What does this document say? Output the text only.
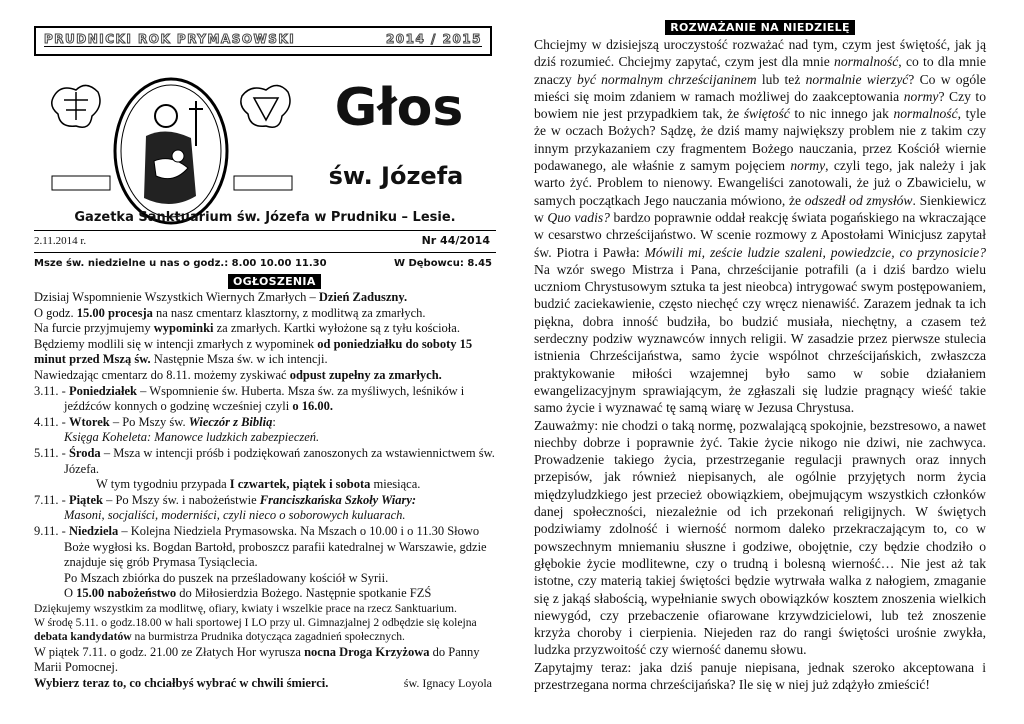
PRUDNICKI ROK PRYMASOWSKI	2014 / 2015
Głos
św. Józefa
Gazetka Sanktuarium św. Józefa w Prudniku – Lesie.
2.11.2014 r.	Nr 44/2014
Msze św. niedzielne u nas o godz.: 8.00 10.00 11.30	W Dębowcu: 8.45
OGŁOSZENIA

Dzisiaj Wspomnienie Wszystkich Wiernych Zmarłych – Dzień Zaduszny.

O godz. 15.00 procesja na nasz cmentarz klasztorny, z modlitwą za zmarłych.

Na furcie przyjmujemy wypominki za zmarłych. Kartki wyłożone są z tyłu kościoła. Będziemy modlili się w intencji zmarłych z wypominek od poniedziałku do soboty 15 minut przed Mszą św. Następnie Msza św. w ich intencji.

Nawiedzając cmentarz do 8.11. możemy zyskiwać odpust zupełny za zmarłych.

3.11. - Poniedziałek – Wspomnienie św. Huberta. Msza św. za myśliwych, leśników i jeźdźców konnych o godzinę wcześniej czyli o 16.00.

4.11. - Wtorek – Po Mszy św. Wieczór z Biblią:
Księga Koheleta: Manowce ludzkich zabezpieczeń.

5.11. - Środa – Msza w intencji próśb i podziękowań zanoszonych za wstawiennictwem św. Józefa.

W tym tygodniu przypada I czwartek, piątek i sobota miesiąca.

7.11. - Piątek – Po Mszy św. i nabożeństwie Franciszkańska Szkoły Wiary:
Masoni, socjaliści, moderniści, czyli nieco o soborowych kuluarach.

9.11. - Niedziela – Kolejna Niedziela Prymasowska. Na Mszach o 10.00 i o 11.30 Słowo Boże wygłosi ks. Bogdan Bartołd, proboszcz parafii katedralnej w Warszawie, gdzie znajduje się grób Prymasa Tysiąclecia.
Po Mszach zbiórka do puszek na prześladowany kościół w Syrii.
O 15.00 nabożeństwo do Miłosierdzia Bożego. Następnie spotkanie FZŚ

Dziękujemy wszystkim za modlitwę, ofiary, kwiaty i wszelkie prace na rzecz Sanktuarium.

W środę 5.11. o godz.18.00 w hali sportowej I LO przy ul. Gimnazjalnej 2 odbędzie się kolejna debata kandydatów na burmistrza Prudnika dotycząca zagadnień społecznych.

W piątek 7.11. o godz. 21.00 ze Złatych Hor wyrusza nocna Droga Krzyżowa do Panny Marii Pomocnej.

Wybierz teraz to, co chciałbyś wybrać w chwili śmierci.	św. Ignacy Loyola

ROZWAŻANIE NA NIEDZIELĘ

Chciejmy w dzisiejszą uroczystość rozważać nad tym, czym jest świętość, jak ją dziś rozumieć. Chciejmy zapytać, czym jest dla mnie normalność, co to dla mnie znaczy być normalnym chrześcijaninem lub też normalnie wierzyć? Co w ogóle mieści się moim zdaniem w ramach możliwej do zaakceptowania normy? Czy to bowiem nie jest przypadkiem tak, że świętość to nic innego jak normalność, tyle że w oczach Bożych? Sądzę, że dziś mamy największy problem nie z takim czy innym przykazaniem czy fragmentem Bożego nauczania, przez Kościół wiernie podawanego, ale właśnie z samym pojęciem normy, czyli tego, jak należy i jak warto żyć. Problem to nienowy. Ewangeliści zanotowali, że już o Zbawicielu, w samych początkach Jego nauczania mówiono, że odszedł od zmysłów. Sienkiewicz w Quo vadis? bardzo poprawnie oddał reakcję świata pogańskiego na wkraczające w cesarstwo chrześcijaństwo. W scenie rozmowy z Apostołami Winicjusz zapytał św. Piotra i Pawła: Mówili mi, zeście ludzie szaleni, powiedzcie, co przynosicie? Na wzór swego Mistrza i Pana, chrześcijanie potrafili (a i dziś bardzo wielu uczniom Chrystusowym sztuka ta jest nieobca) intrygować swym postępowaniem, budzić zaciekawienie, często niechęć czy wręcz nienawiść. Zarazem jednak ta ich piękna, dobra inność budziła, bo budzić musiała, niechętny, a czasem też serdeczny podziw wyznawców innych religii. W zasadzie przez pierwsze stulecia istnienia Chrześcijaństwa, samo życie wspólnot chrześcijańskich, zwłaszcza praktykowanie miłości wzajemnej było samo w sobie działaniem ewangelizacyjnym sprawiającym, że zgłaszali się ludzie pragnący wieść takie samo życie i wyznawać tę samą wiarę w Jezusa Chrystusa.

Zauważmy: nie chodzi o taką normę, pozwalającą spokojnie, bezstresowo, a nawet niechby dobrze i poprawnie żyć. Takie życie nikogo nie dziwi, nie zachwyca. Prowadzenie takiego życia, przestrzeganie regulacji prawnych oraz innych przepisów, jak również niepisanych, ale ogólnie przyjętych norm życia międzyludzkiego jest przecież obowiązkiem, obejmującym wszystkich członków danej społeczności, niezależnie od ich przekonań religijnych. W świętych podziwiamy zdolność i wierność normom daleko przekraczającym to, co w powszechnym mniemaniu słuszne i godziwe, obojętnie, czy będzie chodziło o głębokie życie modlitewne, czy o trudną i bolesną wierność… Nie jest aż tak istotne, czy materią takiej świętości będzie wytrwała walka z nałogiem, zmaganie się z jakąś słabością, wypełnianie swych obowiązków kosztem znoszenia wielkich niewygód, czy przebaczenie ofiarowane krzywdzicielowi, lub też znoszenie krzyża choroby i cierpienia. Niejeden raz do rangi świętości urośnie zwykła, ludzka przyzwoitość czy wierność danemu słowu.

Zapytajmy teraz: jaka dziś panuje niepisana, jednak szeroko akceptowana i przestrzegana norma chrześcijańska? Ile się w niej już zdążyło zmieścić!
